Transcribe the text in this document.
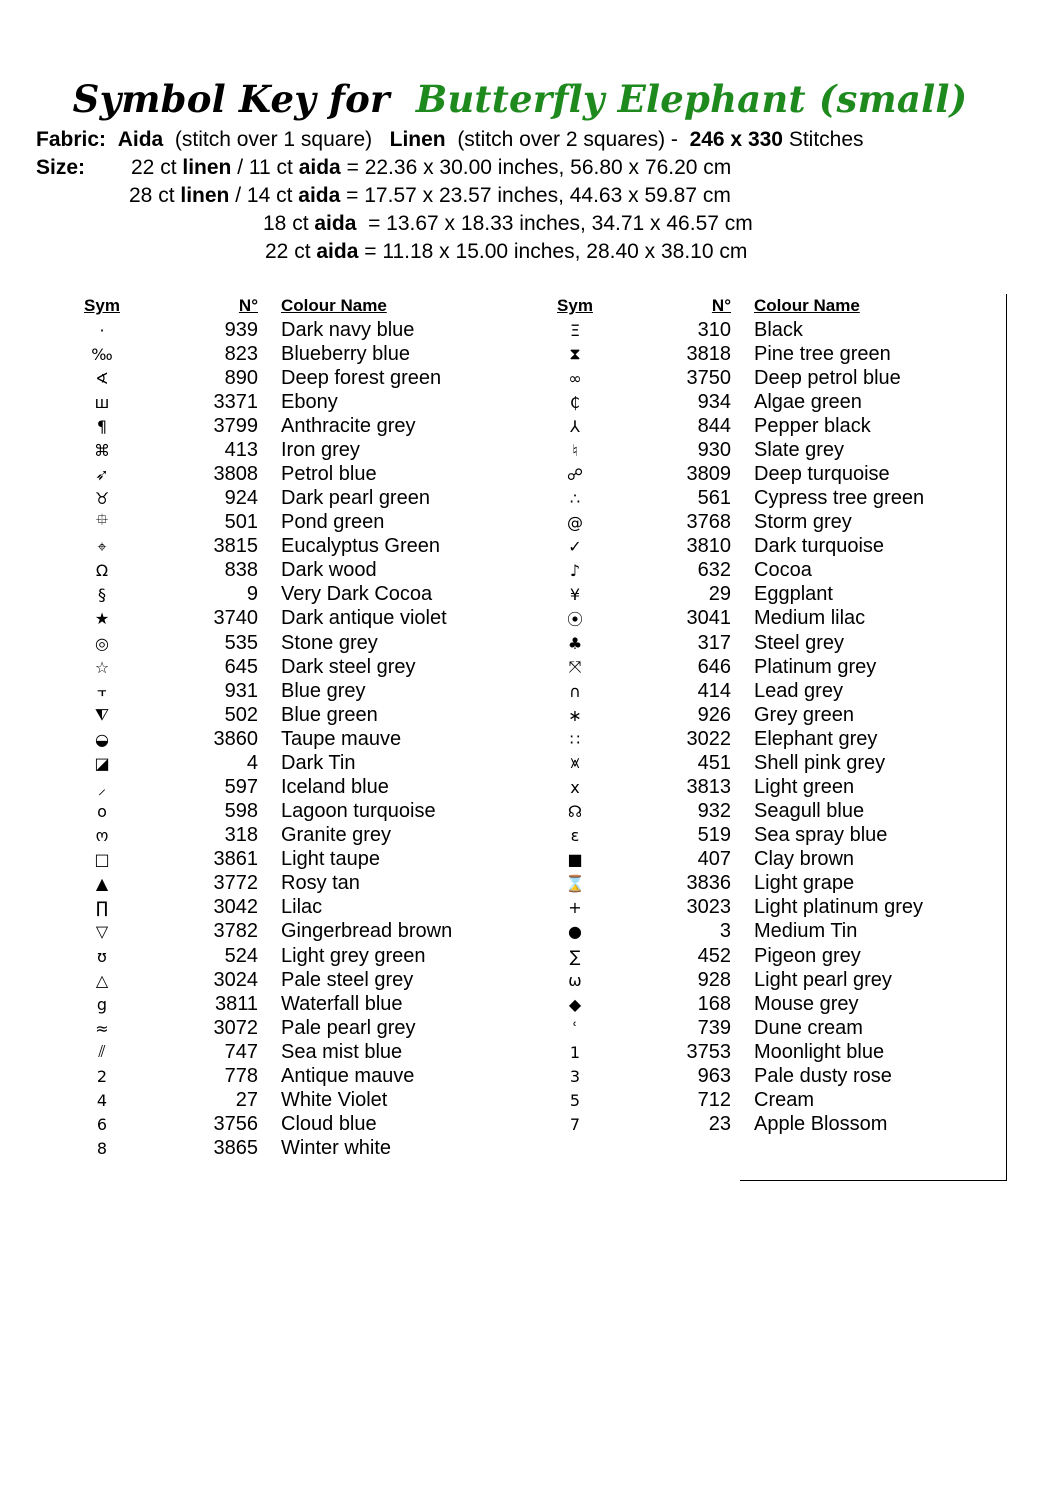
Symbol Key for Butterfly Elephant (small)
Fabric: Aida (stitch over 1 square) Linen (stitch over 2 squares) - 246 x 330 Stitches
Size: 22 ct linen / 11 ct aida = 22.36 x 30.00 inches, 56.80 x 76.20 cm
28 ct linen / 14 ct aida = 17.57 x 23.57 inches, 44.63 x 59.87 cm
18 ct aida = 13.67 x 18.33 inches, 34.71 x 46.57 cm
22 ct aida = 11.18 x 15.00 inches, 28.40 x 38.10 cm
Sym	N°	Colour Name
·	939	Dark navy blue
‰	823	Blueberry blue
∢	890	Deep forest green
ш	3371	Ebony
¶	3799	Anthracite grey
⌘	413	Iron grey
➶	3808	Petrol blue
♉	924	Dark pearl green
⯐	501	Pond green
⌖	3815	Eucalyptus Green
Ω	838	Dark wood
§	9	Very Dark Cocoa
★	3740	Dark antique violet
◎	535	Stone grey
☆	645	Dark steel grey
⫟	931	Blue grey
⧨	502	Blue green
◒	3860	Taupe mauve
◪	4	Dark Tin
⸝	597	Iceland blue
o	598	Lagoon turquoise
ო	318	Granite grey
□	3861	Light taupe
▲	3772	Rosy tan
∏	3042	Lilac
▽	3782	Gingerbread brown
ʊ	524	Light grey green
△	3024	Pale steel grey
g	3811	Waterfall blue
≈	3072	Pale pearl grey
⫽	747	Sea mist blue
2	778	Antique mauve
4	27	White Violet
6	3756	Cloud blue
8	3865	Winter white
Sym	N°	Colour Name
Ξ	310	Black
⧗	3818	Pine tree green
∞	3750	Deep petrol blue
₵	934	Algae green
⅄	844	Pepper black
♮	930	Slate grey
☍	3809	Deep turquoise
∴	561	Cypress tree green
@	3768	Storm grey
✓	3810	Dark turquoise
♪	632	Cocoa
¥	29	Eggplant
⦿	3041	Medium lilac
♣	317	Steel grey
⤧	646	Platinum grey
∩	414	Lead grey
∗	926	Grey green
∷	3022	Elephant grey
⩙	451	Shell pink grey
x	3813	Light green
☊	932	Seagull blue
ɛ	519	Sea spray blue
■	407	Clay brown
⌛	3836	Light grape
+	3023	Light platinum grey
●	3	Medium Tin
∑	452	Pigeon grey
ω	928	Light pearl grey
◆	168	Mouse grey
ʿ	739	Dune cream
1	3753	Moonlight blue
3	963	Pale dusty rose
5	712	Cream
7	23	Apple Blossom
